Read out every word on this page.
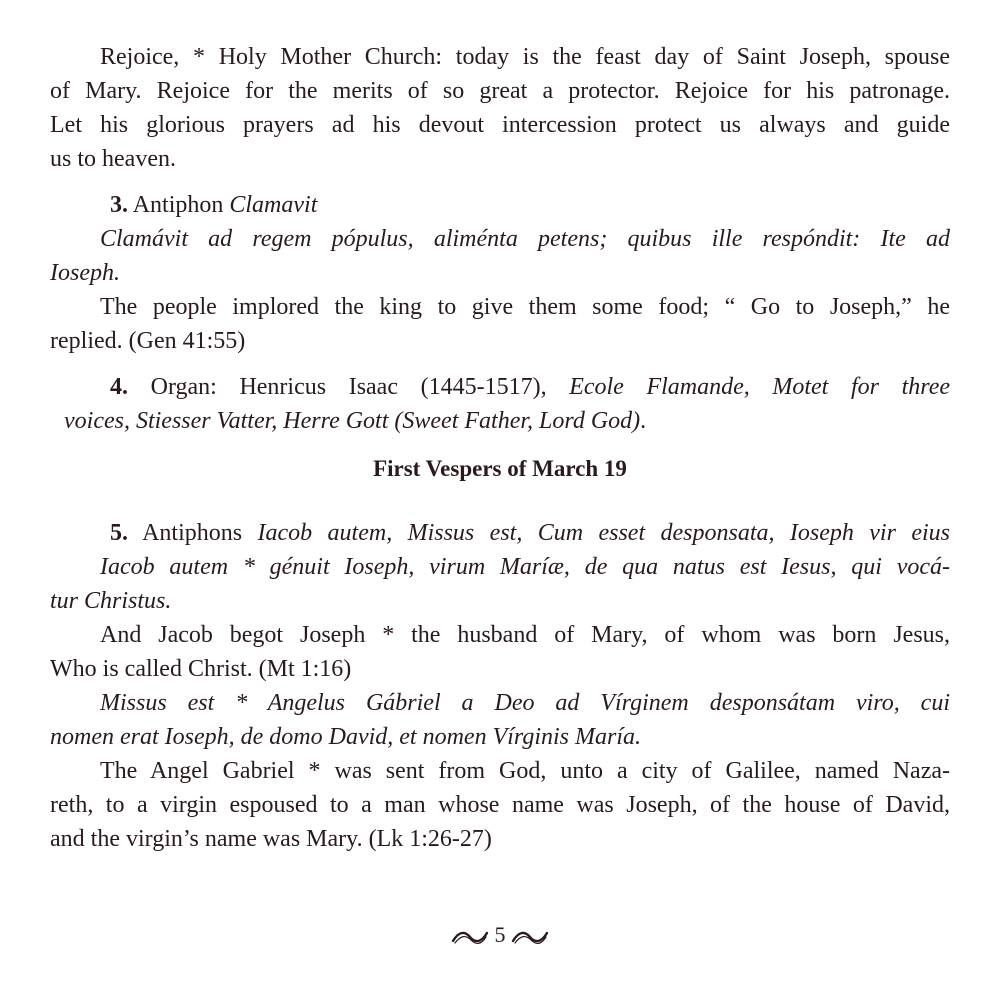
Rejoice, * Holy Mother Church: today is the feast day of Saint Joseph, spouse
of Mary. Rejoice for the merits of so great a protector. Rejoice for his patronage.
Let his glorious prayers ad his devout intercession protect us always and guide
us to heaven.
3. Antiphon Clamavit
Clamávit ad regem pópulus, aliménta petens; quibus ille respóndit: Ite ad
Ioseph.
The people implored the king to give them some food; “ Go to Joseph,” he
replied. (Gen 41:55)
4. Organ: Henricus Isaac (1445-1517), Ecole Flamande, Motet for three
voices, Stiesser Vatter, Herre Gott (Sweet Father, Lord God).
First Vespers of March 19
5. Antiphons Iacob autem, Missus est, Cum esset desponsata, Ioseph vir eius
Iacob autem * génuit Ioseph, virum Maríæ, de qua natus est Iesus, qui vocá-
tur Christus.
And Jacob begot Joseph * the husband of Mary, of whom was born Jesus,
Who is called Christ. (Mt 1:16)
Missus est * Angelus Gábriel a Deo ad Vírginem desponsátam viro, cui
nomen erat Ioseph, de domo David, et nomen Vírginis María.
The Angel Gabriel * was sent from God, unto a city of Galilee, named Naza-
reth, to a virgin espoused to a man whose name was Joseph, of the house of David,
and the virgin’s name was Mary. (Lk 1:26-27)
5
